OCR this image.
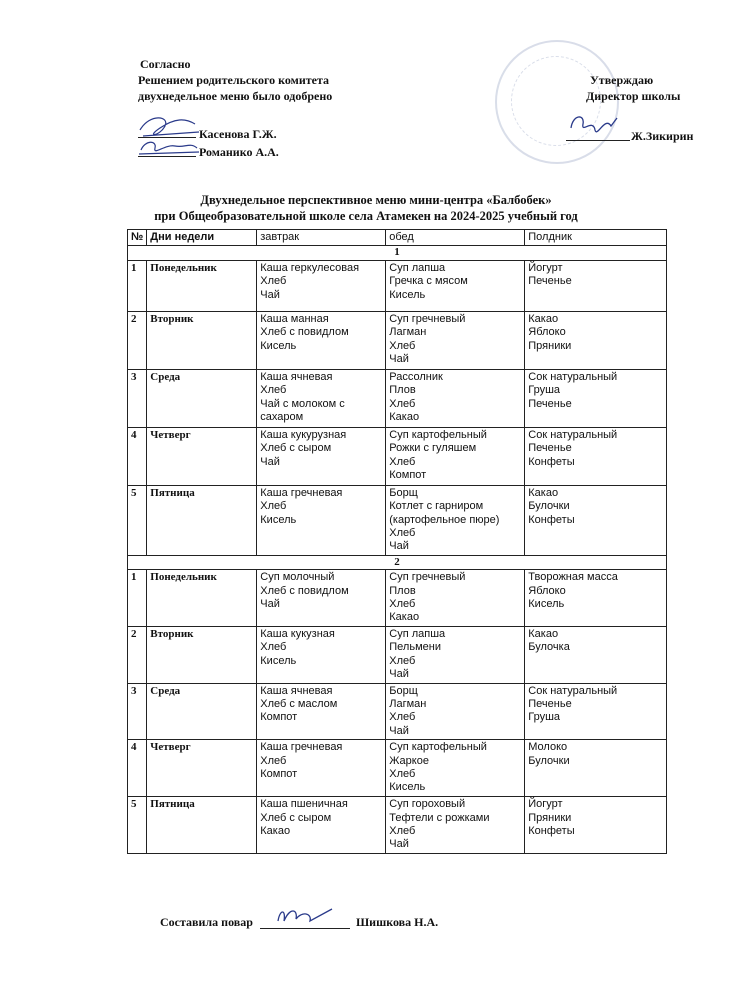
Согласно
Решением родительского комитета
двухнедельное меню было одобрено
Касенова Г.Ж.
Романико А.А.
Утверждаю
Директор школы
Ж.Зикирин
Двухнедельное перспективное меню мини-центра «Балбобек»
при Общеобразовательной школе села Атамекен на 2024-2025 учебный год
№	Дни недели	завтрак	обед	Полдник
1				
1	Понедельник	Каша геркулесовая
Хлеб
Чай	Суп лапша
Гречка с мясом
Кисель	Йогурт
Печенье

2	Вторник	Каша манная
Хлеб с повидлом
Кисель	Суп гречневый
Лагман
Хлеб
Чай	Какао
Яблоко
Пряники

3	Среда	Каша ячневая
Хлеб
Чай с молоком с
сахаром	Рассолник
Плов
Хлеб
Какао	Сок натуральный
Груша
Печенье

4	Четверг	Каша кукурузная
Хлеб с сыром
Чай	Суп картофельный
Рожки с гуляшем
Хлеб
Компот	Сок натуральный
Печенье
Конфеты

5	Пятница	Каша гречневая
Хлеб
Кисель	Борщ
Котлет с гарниром
(картофельное пюре)
Хлеб
Чай	Какао
Булочки
Конфеты

2				
1	Понедельник	Суп молочный
Хлеб с повидлом
Чай	Суп гречневый
Плов
Хлеб
Какао	Творожная масса
Яблоко
Кисель

2	Вторник	Каша кукузная
Хлеб
Кисель	Суп лапша
Пельмени
Хлеб
Чай	Какао
Булочка

3	Среда	Каша ячневая
Хлеб с маслом
Компот	Борщ
Лагман
Хлеб
Чай	Сок натуральный
Печенье
Груша

4	Четверг	Каша гречневая
Хлеб
Компот	Суп картофельный
Жаркое
Хлеб
Кисель	Молоко
Булочки

5	Пятница	Каша пшеничная
Хлеб с сыром
Какао	Суп гороховый
Тефтели с рожками
Хлеб
Чай	Йогурт
Пряники
Конфеты
Составила повар	Шишкова Н.А.
